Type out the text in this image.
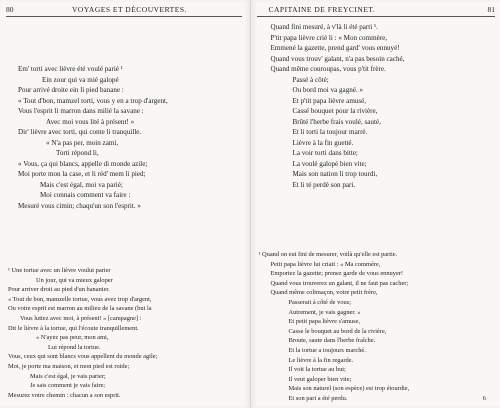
80	VOYAGES ET DÉCOUVERTES.
Em' torti avec lièvre été voulé parié ¹
Ein zour qui va mié galopé
Pour arrivé droite ein li pied banane :
« Tout d'bon, mamzel torti, vous y en a trop d'argent,
Vous l'esprit li marron dans milié la savane :
Avec moi vous lité à présent! »
Dir' lièvre avec torti, qui conte li tranquille.
« N'a pas per, moin zami,
Torti répond li,
« Vous, ça qui blancs, appelle di monde azile;
Moi porte mon la case, et li réd' mem li pied;
Mais c'est égal, moi va parié;
Moi connais comment va faire :
Mesuré vous cimin; chaqu'un son l'esprit. »
¹ Une tortue avec un lièvre voulut parier
Un jour, qui va mieux galoper
Pour arriver droit au pied d'un bananier.
« Tout de bon, mamzelle tortue, vous avez trop d'argent,
Ou votre esprit est marron au milieu de la savane (but la
Vous luttez avec moi, à présent! » [campagne] :
Dit le lièvre à la tortue, qui l'écoute tranquillement.
« N'ayez pas peur, mon ami,
Lui répond la tortue.
Vous, ceux qui sont blancs vous appellent du monde agile;
Moi, je porte ma maison, et mon pied est roide;
Mais c'est égal, je vais parier;
Je sais comment je vais faire;
Mesurez votre chemin : chacun a son esprit.
CAPITAINE DE FREYCINET.	81
Quand fini mesuré, à v'là li été parti ¹.
P'tit papa lièvre crié li : « Mon commère,
Emmené la gazette, prend gard' vous ennuyé!
Quand vous trouv' galant, n'a pas besoin caché,
Quand même couroupas, vous p'tit frère.
Passé à côté;
Ou bord moi va gagné. »
Et p'tit papa lièvre amusé,
Cassé bouquet pour la rivière,
Brûté l'herbe frais voulé, sauté,
Et li torti la toujour marré.
Lièvre à la fin guetté.
La voir torti dans bitte;
La voulé galopé bien vite;
Mais son nation li trop tourdi,
Et li té perdé son pari.
¹ Quand on eut fini de mesurer, voilà qu'elle est partie.
Petit papa lièvre lui criait : « Ma commère,
Emportez la gazette; prenez garde de vous ennuyer!
Quand vous trouverez un galant, il ne faut pas cacher;
Quand même colimaçon, votre petit frère,
Passerait à côté de vous;
Autrement, je vais gagner. »
Et petit papa lièvre s'amuse,
Casse le bouquet au bord de la rivière,
Broute, saute dans l'herbe fraîche.
Et la tortue a toujours marché.
Le lièvre à la fin regarde.
Il voit la tortue au but;
Il veut galoper bien vite;
Mais son naturel (son espèce) est trop étourdie,
Et son pari a été perdu.	6
